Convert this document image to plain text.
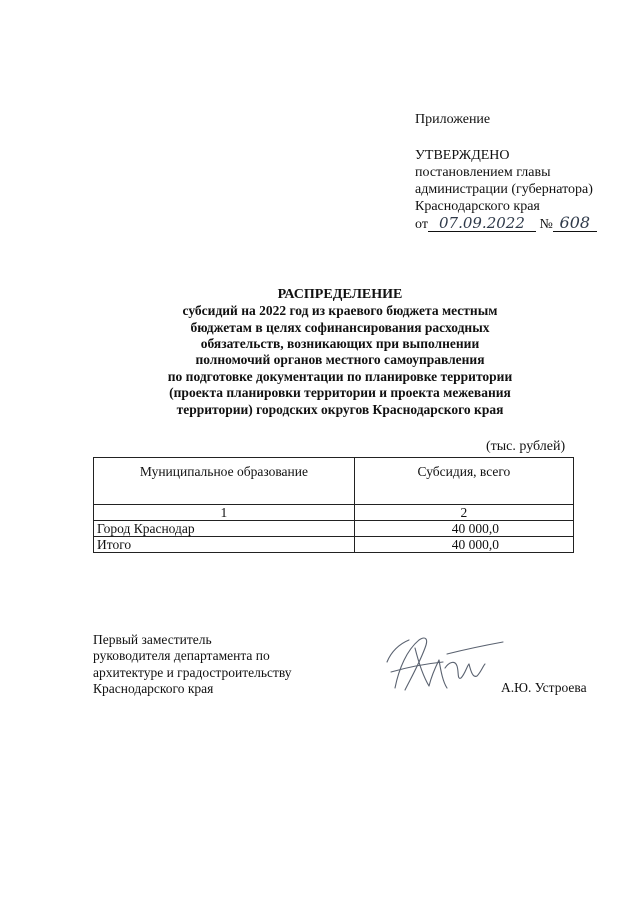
Приложение
УТВЕРЖДЕНО
постановлением главы
администрации (губернатора)
Краснодарского края
от 07.09.2022 № 608
РАСПРЕДЕЛЕНИЕ
субсидий на 2022 год из краевого бюджета местным
бюджетам в целях софинансирования расходных
обязательств, возникающих при выполнении
полномочий органов местного самоуправления
по подготовке документации по планировке территории
(проекта планировки территории и проекта межевания
территории) городских округов Краснодарского края
(тыс. рублей)
Муниципальное образование	Субсидия, всего
1	2
Город Краснодар	40 000,0
Итого	40 000,0
Первый заместитель
руководителя департамента по
архитектуре и градостроительству
Краснодарского края	А.Ю. Устроева
